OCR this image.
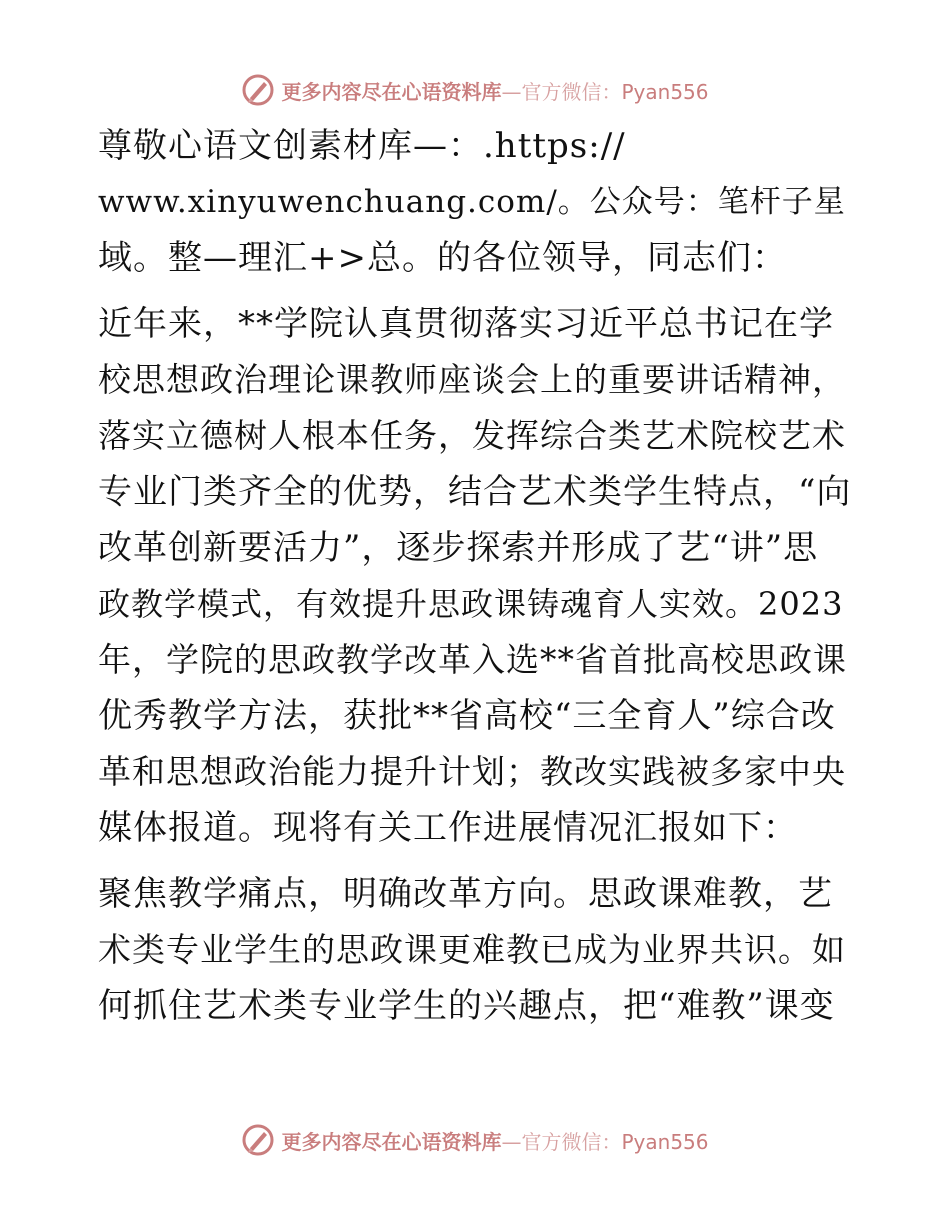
更多内容尽在心语资料库—官方微信：Pyan556

尊敬心语文创素材库—：.https://
www.xinyuwenchuang.com/。公众号：笔杆子星
域。整—理汇+>总。的各位领导，同志们：

近年来，**学院认真贯彻落实习近平总书记在学
校思想政治理论课教师座谈会上的重要讲话精神，
落实立德树人根本任务，发挥综合类艺术院校艺术
专业门类齐全的优势，结合艺术类学生特点，“向
改革创新要活力”，逐步探索并形成了艺“讲”思
政教学模式，有效提升思政课铸魂育人实效。2023
年，学院的思政教学改革入选**省首批高校思政课
优秀教学方法，获批**省高校“三全育人”综合改
革和思想政治能力提升计划；教改实践被多家中央
媒体报道。现将有关工作进展情况汇报如下：

聚焦教学痛点，明确改革方向。思政课难教，艺
术类专业学生的思政课更难教已成为业界共识。如
何抓住艺术类专业学生的兴趣点，把“难教”课变

更多内容尽在心语资料库—官方微信：Pyan556
